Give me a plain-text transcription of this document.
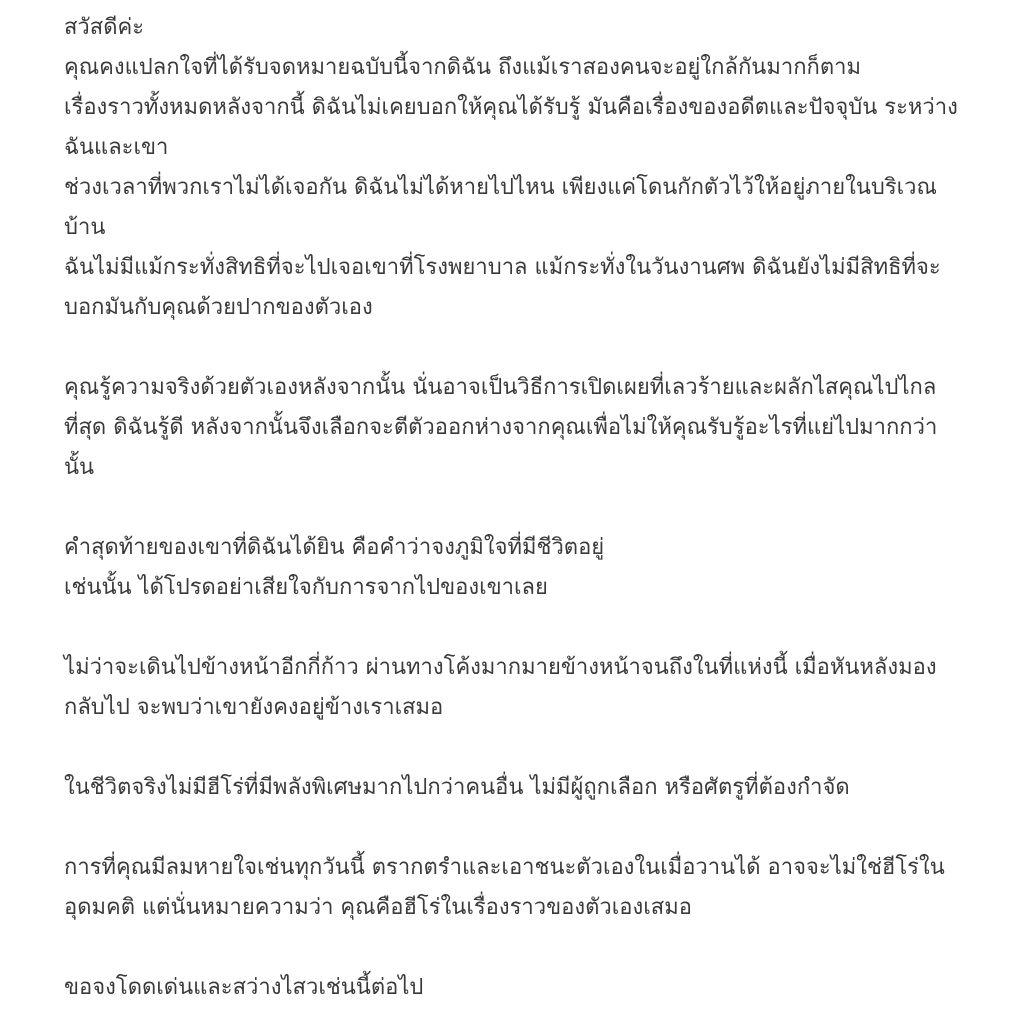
สวัสดีค่ะ
คุณคงแปลกใจที่ได้รับจดหมายฉบับนี้จากดิฉัน ถึงแม้เราสองคนจะอยู่ใกล้กันมากก็ตาม
เรื่องราวทั้งหมดหลังจากนี้ ดิฉันไม่เคยบอกให้คุณได้รับรู้ มันคือเรื่องของอดีตและปัจจุบัน ระหว่าง
ฉันและเขา
ช่วงเวลาที่พวกเราไม่ได้เจอกัน ดิฉันไม่ได้หายไปไหน เพียงแค่โดนกักตัวไว้ให้อยู่ภายในบริเวณ
บ้าน
ฉันไม่มีแม้กระทั่งสิทธิที่จะไปเจอเขาที่โรงพยาบาล แม้กระทั่งในวันงานศพ ดิฉันยังไม่มีสิทธิที่จะ
บอกมันกับคุณด้วยปากของตัวเอง
คุณรู้ความจริงด้วยตัวเองหลังจากนั้น นั่นอาจเป็นวิธีการเปิดเผยที่เลวร้ายและผลักไสคุณไปไกล
ที่สุด ดิฉันรู้ดี หลังจากนั้นจึงเลือกจะตีตัวออกห่างจากคุณเพื่อไม่ให้คุณรับรู้อะไรที่แย่ไปมากกว่า
นั้น
คำสุดท้ายของเขาที่ดิฉันได้ยิน คือคำว่าจงภูมิใจที่มีชีวิตอยู่
เช่นนั้น ได้โปรดอย่าเสียใจกับการจากไปของเขาเลย
ไม่ว่าจะเดินไปข้างหน้าอีกกี่ก้าว ผ่านทางโค้งมากมายข้างหน้าจนถึงในที่แห่งนี้ เมื่อหันหลังมอง
กลับไป จะพบว่าเขายังคงอยู่ข้างเราเสมอ
ในชีวิตจริงไม่มีฮีโร่ที่มีพลังพิเศษมากไปกว่าคนอื่น ไม่มีผู้ถูกเลือก หรือศัตรูที่ต้องกำจัด
การที่คุณมีลมหายใจเช่นทุกวันนี้ ตรากตรำและเอาชนะตัวเองในเมื่อวานได้ อาจจะไม่ใช่ฮีโร่ใน
อุดมคติ แต่นั่นหมายความว่า คุณคือฮีโร่ในเรื่องราวของตัวเองเสมอ
ขอจงโดดเด่นและสว่างไสวเช่นนี้ต่อไป
